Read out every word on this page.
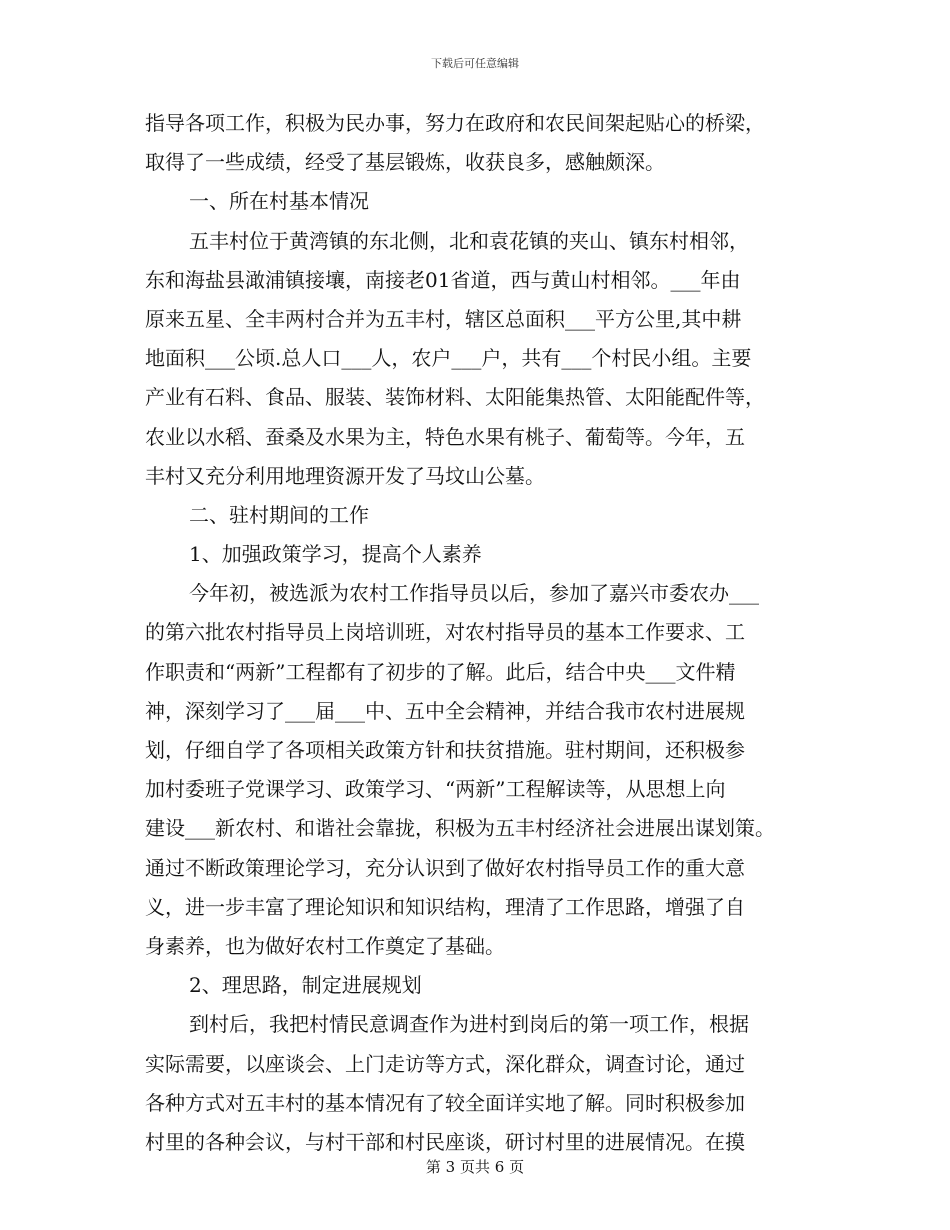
下载后可任意编辑
指导各项工作，积极为民办事，努力在政府和农民间架起贴心的桥梁，
取得了一些成绩，经受了基层锻炼，收获良多，感触颇深。
一、所在村基本情况
五丰村位于黄湾镇的东北侧，北和袁花镇的夹山、镇东村相邻，
东和海盐县澉浦镇接壤，南接老01省道，西与黄山村相邻。___年由
原来五星、全丰两村合并为五丰村，辖区总面积___平方公里,其中耕
地面积___公顷.总人口___人，农户___户，共有___个村民小组。主要
产业有石料、食品、服装、装饰材料、太阳能集热管、太阳能配件等，
农业以水稻、蚕桑及水果为主，特色水果有桃子、葡萄等。今年，五
丰村又充分利用地理资源开发了马坟山公墓。
二、驻村期间的工作
1、加强政策学习，提高个人素养
今年初，被选派为农村工作指导员以后，参加了嘉兴市委农办___
的第六批农村指导员上岗培训班，对农村指导员的基本工作要求、工
作职责和“两新”工程都有了初步的了解。此后，结合中央___文件精
神，深刻学习了___届___中、五中全会精神，并结合我市农村进展规
划，仔细自学了各项相关政策方针和扶贫措施。驻村期间，还积极参
加村委班子党课学习、政策学习、“两新”工程解读等，从思想上向
建设___新农村、和谐社会靠拢，积极为五丰村经济社会进展出谋划策。
通过不断政策理论学习，充分认识到了做好农村指导员工作的重大意
义，进一步丰富了理论知识和知识结构，理清了工作思路，增强了自
身素养，也为做好农村工作奠定了基础。
2、理思路，制定进展规划
到村后，我把村情民意调查作为进村到岗后的第一项工作，根据
实际需要，以座谈会、上门走访等方式，深化群众，调查讨论，通过
各种方式对五丰村的基本情况有了较全面详实地了解。同时积极参加
村里的各种会议，与村干部和村民座谈，研讨村里的进展情况。在摸
第 3 页共 6 页
